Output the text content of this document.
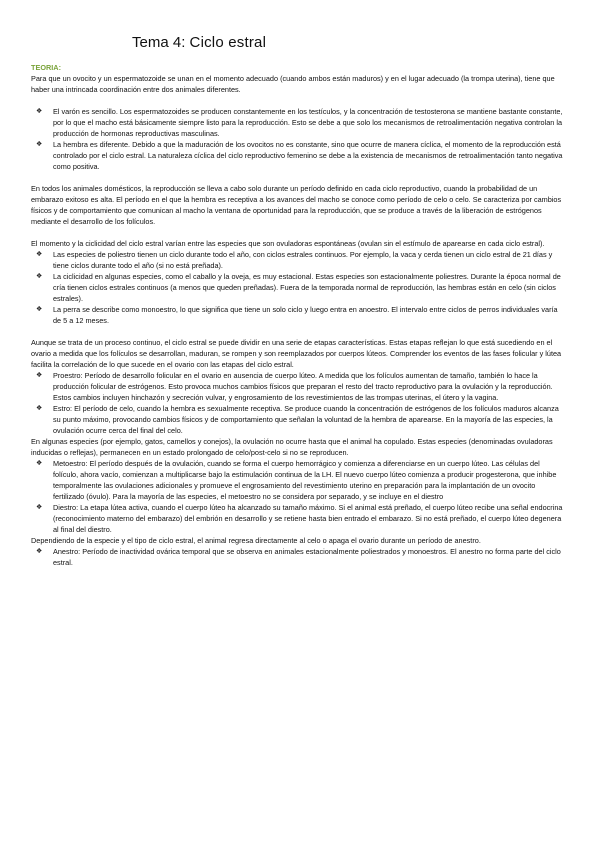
Tema 4: Ciclo estral
TEORIA:

Para que un ovocito y un espermatozoide se unan en el momento adecuado (cuando ambos están maduros) y en el lugar adecuado (la trompa uterina), tiene que haber una intrincada coordinación entre dos animales diferentes.

❖ El varón es sencillo. Los espermatozoides se producen constantemente en los testículos, y la concentración de testosterona se mantiene bastante constante, por lo que el macho está básicamente siempre listo para la reproducción. Esto se debe a que solo los mecanismos de retroalimentación negativa controlan la producción de hormonas reproductivas masculinas.
❖ La hembra es diferente. Debido a que la maduración de los ovocitos no es constante, sino que ocurre de manera cíclica, el momento de la reproducción está controlado por el ciclo estral. La naturaleza cíclica del ciclo reproductivo femenino se debe a la existencia de mecanismos de retroalimentación tanto negativa como positiva.

En todos los animales domésticos, la reproducción se lleva a cabo solo durante un período definido en cada ciclo reproductivo, cuando la probabilidad de un embarazo exitoso es alta. El período en el que la hembra es receptiva a los avances del macho se conoce como período de celo o celo. Se caracteriza por cambios físicos y de comportamiento que comunican al macho la ventana de oportunidad para la reproducción, que se produce a través de la liberación de estrógenos mediante el desarrollo de los folículos.

El momento y la ciclicidad del ciclo estral varían entre las especies que son ovuladoras espontáneas (ovulan sin el estímulo de aparearse en cada ciclo estral).

❖ Las especies de poliestro tienen un ciclo durante todo el año, con ciclos estrales continuos. Por ejemplo, la vaca y cerda tienen un ciclo estral de 21 días y tiene ciclos durante todo el año (si no está preñada).
❖ La ciclicidad en algunas especies, como el caballo y la oveja, es muy estacional. Estas especies son estacionalmente poliestres. Durante la época normal de cría tienen ciclos estrales continuos (a menos que queden preñadas). Fuera de la temporada normal de reproducción, las hembras están en celo (sin ciclos estrales).
❖ La perra se describe como monoestro, lo que significa que tiene un solo ciclo y luego entra en anoestro. El intervalo entre ciclos de perros individuales varía de 5 a 12 meses.

Aunque se trata de un proceso continuo, el ciclo estral se puede dividir en una serie de etapas características. Estas etapas reflejan lo que está sucediendo en el ovario a medida que los folículos se desarrollan, maduran, se rompen y son reemplazados por cuerpos lúteos. Comprender los eventos de las fases folicular y lútea facilita la correlación de lo que sucede en el ovario con las etapas del ciclo estral.

❖ Proestro: Período de desarrollo folicular en el ovario en ausencia de cuerpo lúteo. A medida que los folículos aumentan de tamaño, también lo hace la producción folicular de estrógenos. Esto provoca muchos cambios físicos que preparan el resto del tracto reproductivo para la ovulación y la reproducción. Estos cambios incluyen hinchazón y secreción vulvar, y engrosamiento de los revestimientos de las trompas uterinas, el útero y la vagina.
❖ Estro: El período de celo, cuando la hembra es sexualmente receptiva. Se produce cuando la concentración de estrógenos de los folículos maduros alcanza su punto máximo, provocando cambios físicos y de comportamiento que señalan la voluntad de la hembra de aparearse. En la mayoría de las especies, la ovulación ocurre cerca del final del celo.

En algunas especies (por ejemplo, gatos, camellos y conejos), la ovulación no ocurre hasta que el animal ha copulado. Estas especies (denominadas ovuladoras inducidas o reflejas), permanecen en un estado prolongado de celo/post-celo si no se reproducen.

❖ Metoestro: El período después de la ovulación, cuando se forma el cuerpo hemorrágico y comienza a diferenciarse en un cuerpo lúteo. Las células del folículo, ahora vacío, comienzan a multiplicarse bajo la estimulación continua de la LH. El nuevo cuerpo lúteo comienza a producir progesterona, que inhibe temporalmente las ovulaciones adicionales y promueve el engrosamiento del revestimiento uterino en preparación para la implantación de un ovocito fertilizado (óvulo). Para la mayoría de las especies, el metoestro no se considera por separado, y se incluye en el diestro
❖ Diestro: La etapa lútea activa, cuando el cuerpo lúteo ha alcanzado su tamaño máximo. Si el animal está preñado, el cuerpo lúteo recibe una señal endocrina (reconocimiento materno del embarazo) del embrión en desarrollo y se retiene hasta bien entrado el embarazo. Si no está preñado, el cuerpo lúteo degenera al final del diestro.

Dependiendo de la especie y el tipo de ciclo estral, el animal regresa directamente al celo o apaga el ovario durante un período de anestro.

❖ Anestro: Período de inactividad ovárica temporal que se observa en animales estacionalmente poliestrados y monoestros. El anestro no forma parte del ciclo estral.
